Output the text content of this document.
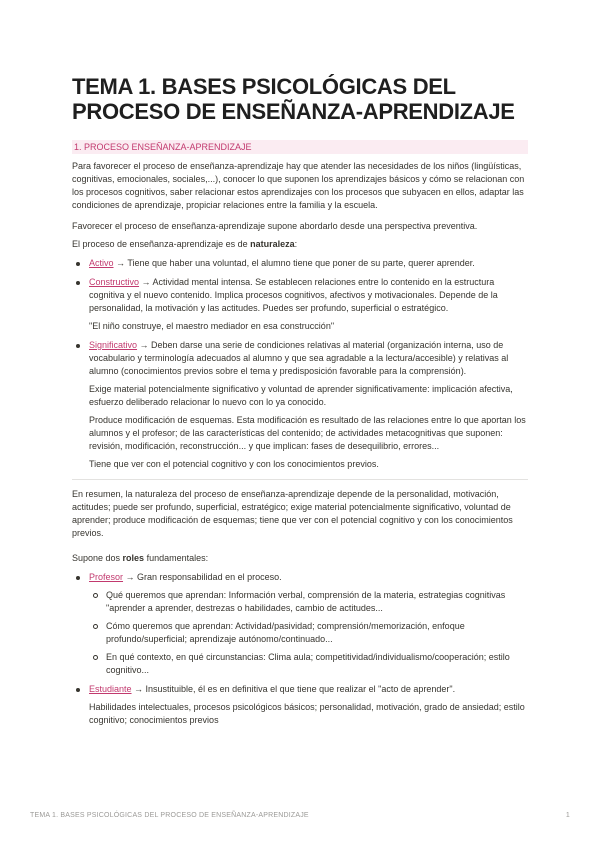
TEMA 1. BASES PSICOLÓGICAS DEL
PROCESO DE ENSEÑANZA-APRENDIZAJE
1. PROCESO ENSEÑANZA-APRENDIZAJE

Para favorecer el proceso de enseñanza-aprendizaje hay que atender las necesidades de los niños (lingüísticas, cognitivas, emocionales, sociales,...), conocer lo que suponen los aprendizajes básicos y cómo se relacionan con los procesos cognitivos, saber relacionar estos aprendizajes con los procesos que subyacen en ellos, adaptar las condiciones de aprendizaje, propiciar relaciones entre la familia y la escuela.

Favorecer el proceso de enseñanza-aprendizaje supone abordarlo desde una perspectiva preventiva.

El proceso de enseñanza-aprendizaje es de naturaleza:

Activo → Tiene que haber una voluntad, el alumno tiene que poner de su parte, querer aprender.
Constructivo → Actividad mental intensa. Se establecen relaciones entre lo contenido en la estructura cognitiva y el nuevo contenido. Implica procesos cognitivos, afectivos y motivacionales. Depende de la personalidad, la motivación y las actitudes. Puedes ser profundo, superficial o estratégico.
"El niño construye, el maestro mediador en esa construcción"
Significativo → Deben darse una serie de condiciones relativas al material (organización interna, uso de vocabulario y terminología adecuados al alumno y que sea agradable a la lectura/accesible) y relativas al alumno (conocimientos previos sobre el tema y predisposición favorable para la comprensión).
Exige material potencialmente significativo y voluntad de aprender significativamente: implicación afectiva, esfuerzo deliberado relacionar lo nuevo con lo ya conocido.
Produce modificación de esquemas. Esta modificación es resultado de las relaciones entre lo que aportan los alumnos y el profesor; de las características del contenido; de actividades metacognitivas que suponen: revisión, modificación, reconstrucción... y que implican: fases de desequilibrio, errores...
Tiene que ver con el potencial cognitivo y con los conocimientos previos.

En resumen, la naturaleza del proceso de enseñanza-aprendizaje depende de la personalidad, motivación, actitudes; puede ser profundo, superficial, estratégico; exige material potencialmente significativo, voluntad de aprender; produce modificación de esquemas; tiene que ver con el potencial cognitivo y con los conocimientos previos.

Supone dos roles fundamentales:

Profesor → Gran responsabilidad en el proceso.
Qué queremos que aprendan: Información verbal, comprensión de la materia, estrategias cognitivas "aprender a aprender, destrezas o habilidades, cambio de actitudes...
Cómo queremos que aprendan: Actividad/pasividad; comprensión/memorización, enfoque profundo/superficial; aprendizaje autónomo/continuado...
En qué contexto, en qué circunstancias: Clima aula; competitividad/individualismo/cooperación; estilo cognitivo...
Estudiante → Insustituible, él es en definitiva el que tiene que realizar el "acto de aprender".
Habilidades intelectuales, procesos psicológicos básicos; personalidad, motivación, grado de ansiedad; estilo cognitivo; conocimientos previos
TEMA 1. BASES PSICOLÓGICAS DEL PROCESO DE ENSEÑANZA-APRENDIZAJE	1
